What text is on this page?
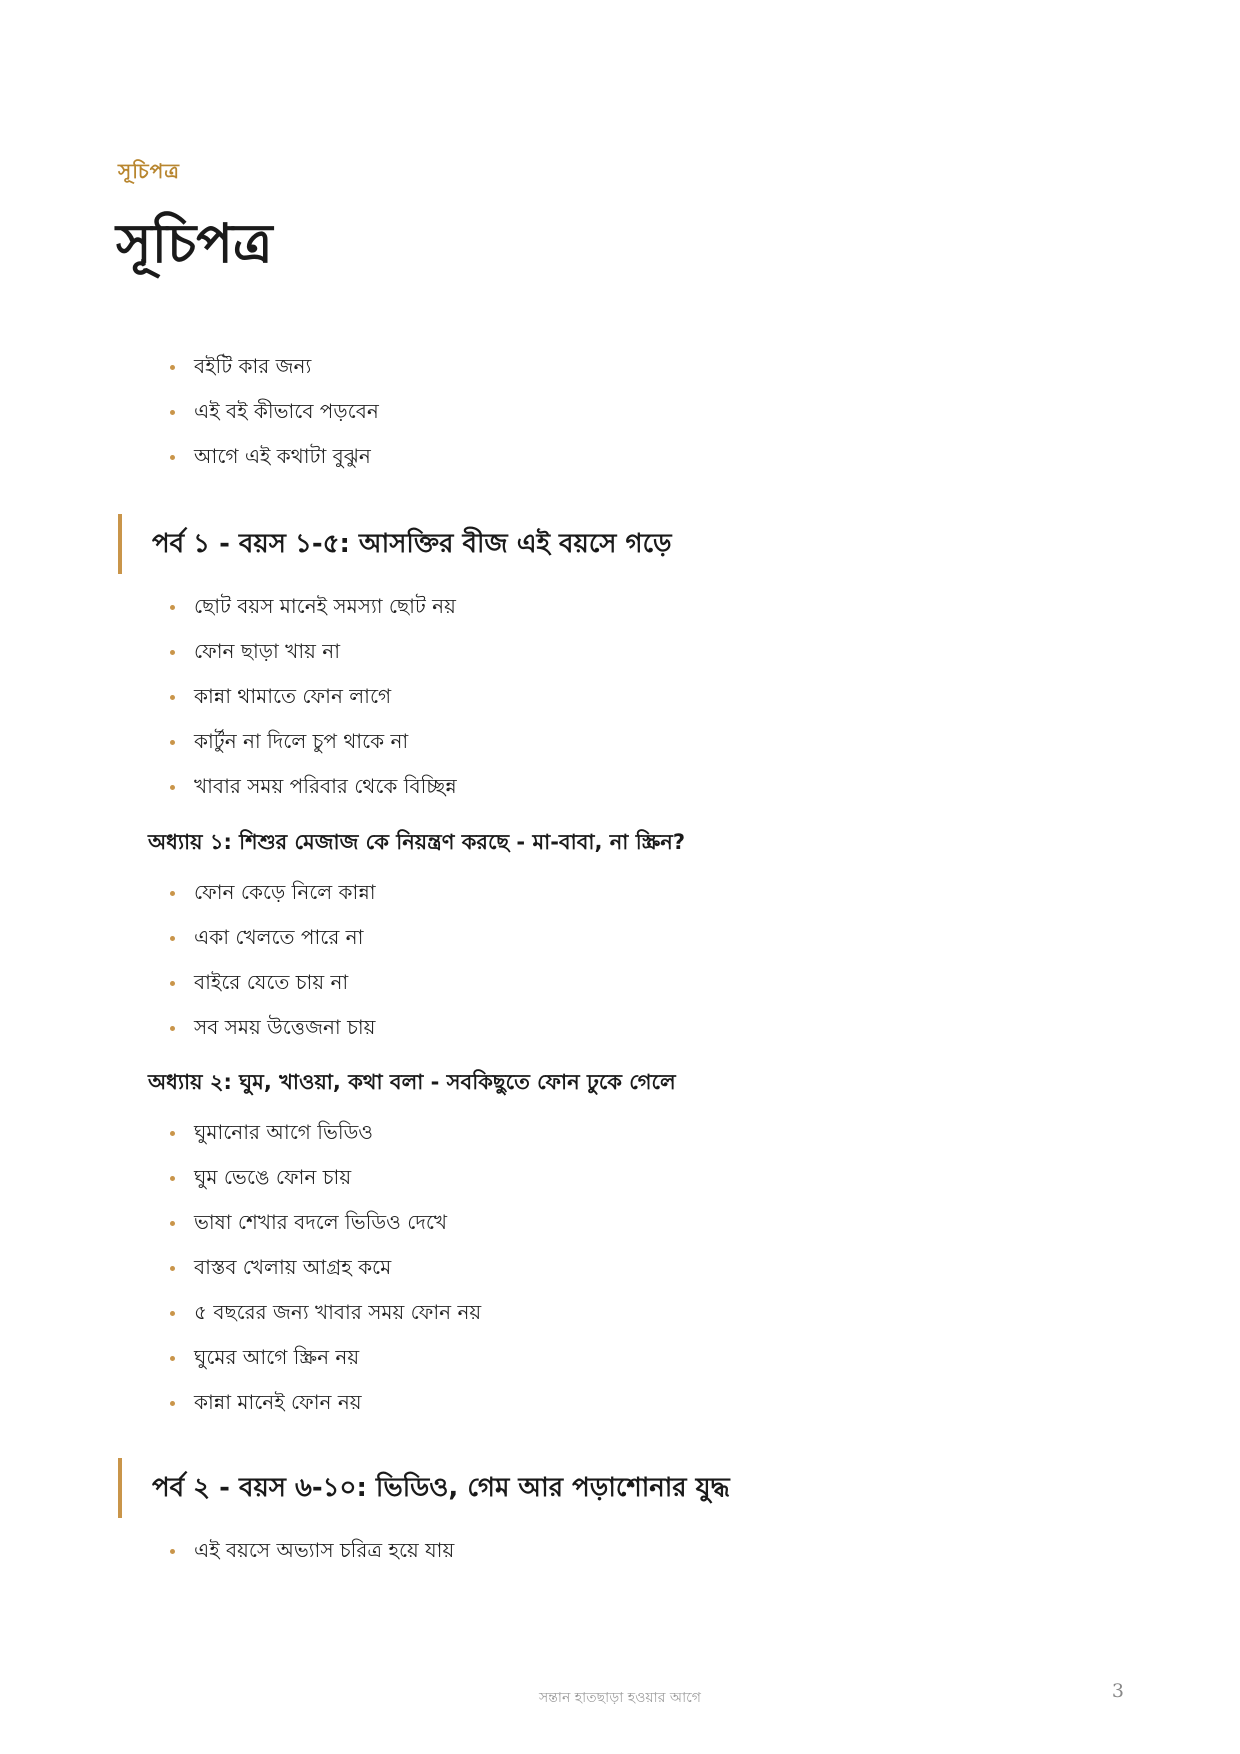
সূচিপত্র
সূচিপত্র
বইটি কার জন্য
এই বই কীভাবে পড়বেন
আগে এই কথাটা বুঝুন
পর্ব ১ - বয়স ১-৫: আসক্তির বীজ এই বয়সে গড়ে
ছোট বয়স মানেই সমস্যা ছোট নয়
ফোন ছাড়া খায় না
কান্না থামাতে ফোন লাগে
কার্টুন না দিলে চুপ থাকে না
খাবার সময় পরিবার থেকে বিচ্ছিন্ন
অধ্যায় ১: শিশুর মেজাজ কে নিয়ন্ত্রণ করছে - মা-বাবা, না স্ক্রিন?
ফোন কেড়ে নিলে কান্না
একা খেলতে পারে না
বাইরে যেতে চায় না
সব সময় উত্তেজনা চায়
অধ্যায় ২: ঘুম, খাওয়া, কথা বলা - সবকিছুতে ফোন ঢুকে গেলে
ঘুমানোর আগে ভিডিও
ঘুম ভেঙে ফোন চায়
ভাষা শেখার বদলে ভিডিও দেখে
বাস্তব খেলায় আগ্রহ কমে
৫ বছরের জন্য খাবার সময় ফোন নয়
ঘুমের আগে স্ক্রিন নয়
কান্না মানেই ফোন নয়
পর্ব ২ - বয়স ৬-১০: ভিডিও, গেম আর পড়াশোনার যুদ্ধ
এই বয়সে অভ্যাস চরিত্র হয়ে যায়
সন্তান হাতছাড়া হওয়ার আগে	3
